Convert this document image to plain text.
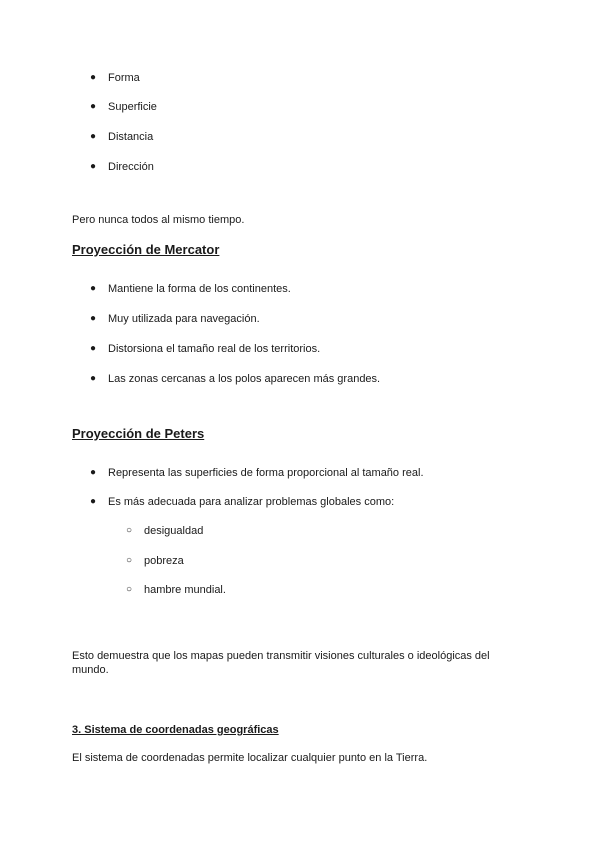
● Forma
● Superficie
● Distancia
● Dirección
Pero nunca todos al mismo tiempo.
Proyección de Mercator
● Mantiene la forma de los continentes.
● Muy utilizada para navegación.
● Distorsiona el tamaño real de los territorios.
● Las zonas cercanas a los polos aparecen más grandes.
Proyección de Peters
● Representa las superficies de forma proporcional al tamaño real.
● Es más adecuada para analizar problemas globales como:
○ desigualdad
○ pobreza
○ hambre mundial.
Esto demuestra que los mapas pueden transmitir visiones culturales o ideológicas del mundo.
3. Sistema de coordenadas geográficas
El sistema de coordenadas permite localizar cualquier punto en la Tierra.
